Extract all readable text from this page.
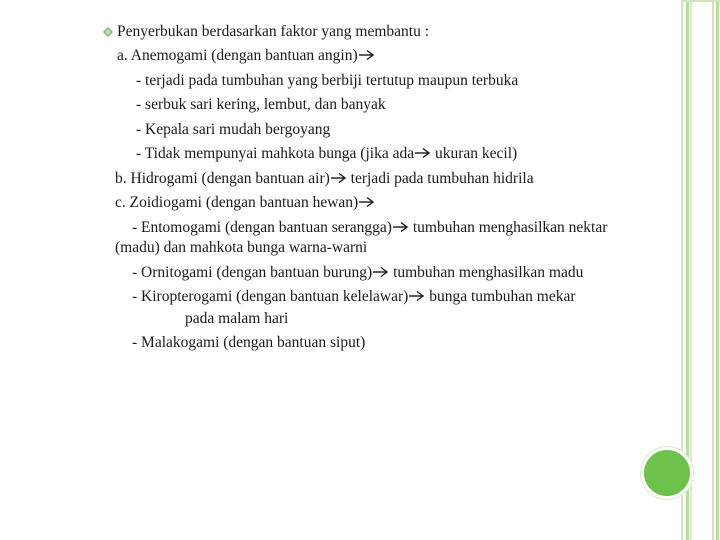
Penyerbukan berdasarkan faktor yang membantu :
a. Anemogami (dengan bantuan angin)
- terjadi pada tumbuhan yang berbiji tertutup maupun terbuka
- serbuk sari kering, lembut, dan banyak
- Kepala sari mudah bergoyang
- Tidak mempunyai mahkota bunga (jika ada ukuran kecil)
b. Hidrogami (dengan bantuan air) terjadi pada tumbuhan hidrila
c. Zoidiogami (dengan bantuan hewan)
- Entomogami (dengan bantuan serangga) tumbuhan menghasilkan nektar
(madu) dan mahkota bunga warna-warni
- Ornitogami (dengan bantuan burung) tumbuhan menghasilkan madu
- Kiropterogami (dengan bantuan kelelawar) bunga tumbuhan mekar
pada malam hari
- Malakogami (dengan bantuan siput)
